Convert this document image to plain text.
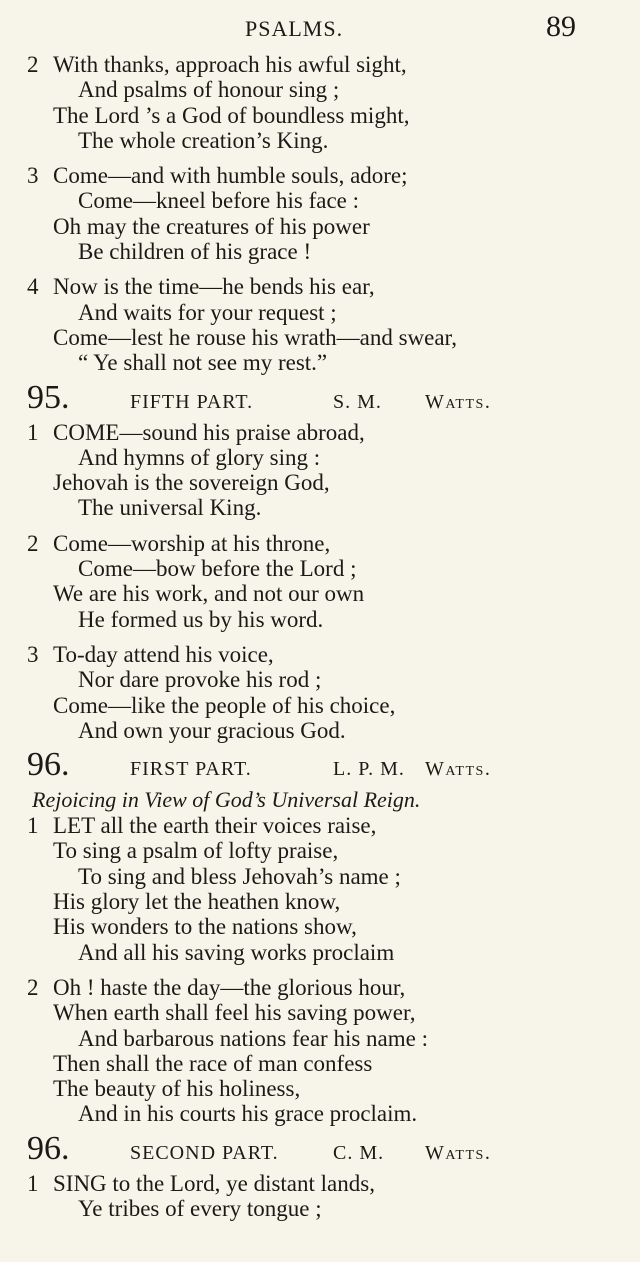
PSALMS.	89
2 With thanks, approach his awful sight,
And psalms of honour sing ;
The Lord ’s a God of boundless might,
The whole creation’s King.
3 Come—and with humble souls, adore;
Come—kneel before his face :
Oh may the creatures of his power
Be children of his grace !
4 Now is the time—he bends his ear,
And waits for your request ;
Come—lest he rouse his wrath—and swear,
“ Ye shall not see my rest.”
95.	FIFTH PART.	S. M. Watts.
1 COME—sound his praise abroad,
And hymns of glory sing :
Jehovah is the sovereign God,
The universal King.
2 Come—worship at his throne,
Come—bow before the Lord ;
We are his work, and not our own
He formed us by his word.
3 To-day attend his voice,
Nor dare provoke his rod ;
Come—like the people of his choice,
And own your gracious God.
96.	FIRST PART.	L. P. M. Watts.
Rejoicing in View of God’s Universal Reign.
1 LET all the earth their voices raise,
To sing a psalm of lofty praise,
To sing and bless Jehovah’s name ;
His glory let the heathen know,
His wonders to the nations show,
And all his saving works proclaim
2 Oh ! haste the day—the glorious hour,
When earth shall feel his saving power,
And barbarous nations fear his name :
Then shall the race of man confess
The beauty of his holiness,
And in his courts his grace proclaim.
96.	SECOND PART.	C. M. Watts.
1 SING to the Lord, ye distant lands,
Ye tribes of every tongue ;
